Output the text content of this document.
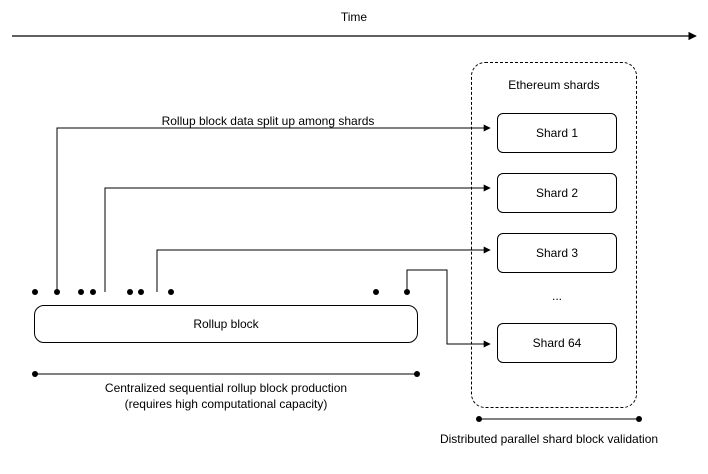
Time
Rollup block data split up among shards
Ethereum shards
Shard 1
Shard 2
Shard 3
...
Shard 64
Rollup block
Centralized sequential rollup block production
(requires high computational capacity)
Distributed parallel shard block validation
